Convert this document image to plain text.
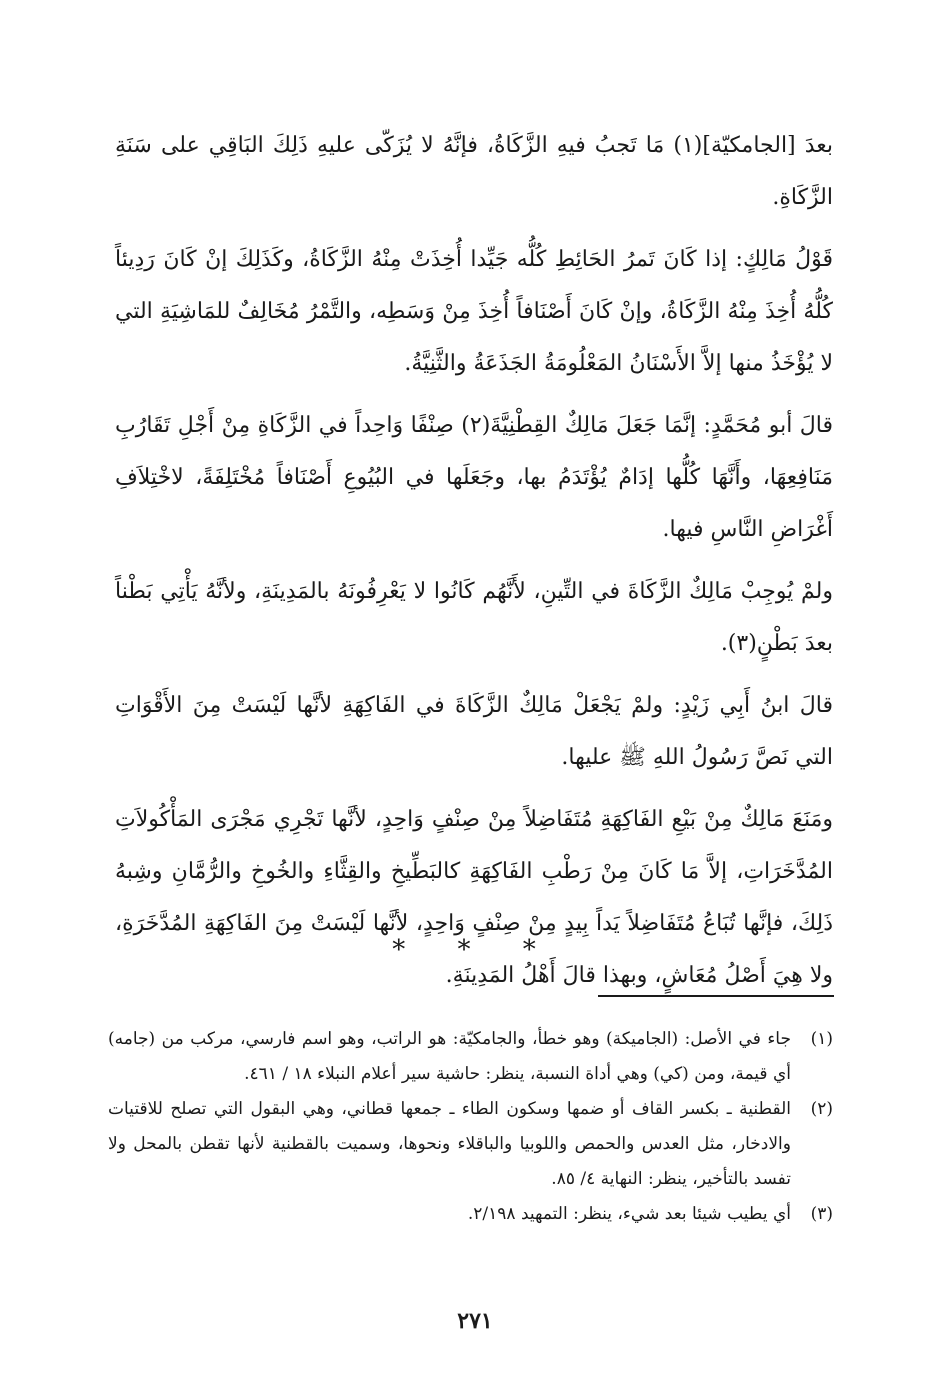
بعدَ [الجامكيّة](١) مَا تَجبُ فيهِ الزَّكَاةُ، فإنَّهُ لا يُزَكّى عليهِ ذَلِكَ البَاقِي على سَنَةِ الزَّكَاةِ.

قَوْلُ مَالِكٍ: إذا كَانَ تَمرُ الحَائِطِ كُلُّه جَيِّدا أُخِذَتْ مِنْهُ الزَّكَاةُ، وكَذَلِكَ إنْ كَانَ رَدِيئاً كُلُّهُ أُخِذَ مِنْهُ الزَّكَاةُ، وإنْ كَانَ أَصْنَافاً أُخِذَ مِنْ وَسَطِه، والتَّمْرُ مُخَالِفٌ للمَاشِيَةِ التي لا يُؤْخَذُ منها إلاَّ الأَسْنَانُ المَعْلُومَةُ الجَذَعَةُ والثَّنِيَّةُ.

قالَ أبو مُحَمَّدٍ: إنَّمَا جَعَلَ مَالِكٌ القِطْنِيَّةَ(٢) صِنْفًا وَاحِداً في الزَّكَاةِ مِنْ أَجْلِ تَقَارُبِ مَنَافِعِهَا، وأَنَّهَا كُلُّها إدَامٌ يُؤْتَدَمُ بها، وجَعَلَها في البُيُوعِ أَصْنَافاً مُخْتَلِفَةً، لاخْتِلاَفِ أَغْرَاضِ النَّاسِ فيها.

ولمْ يُوجِبْ مَالِكٌ الزَّكَاةَ في التِّينِ، لأَنَّهُم كَانُوا لا يَعْرِفُونَهُ بالمَدِينَةِ، ولأنَّهُ يَأْتِي بَطْناً بعدَ بَطْنٍ(٣).

قالَ ابنُ أَبِي زَيْدٍ: ولمْ يَجْعَلْ مَالِكٌ الزَّكَاةَ في الفَاكِهَةِ لأنَّها لَيْسَتْ مِنَ الأَقْوَاتِ التي نَصَّ رَسُولُ اللهِ ﷺ عليها.

ومَنَعَ مَالِكٌ مِنْ بَيْعِ الفَاكِهَةِ مُتَفَاضِلاً مِنْ صِنْفٍ وَاحِدٍ، لأنَّها تَجْرِي مَجْرَى المَأْكُولاَتِ المُدَّخَرَاتِ، إلاَّ مَا كَانَ مِنْ رَطْبِ الفَاكِهَةِ كالبَطِّيخِ والقِثَّاءِ والخُوخِ والرُّمَّانِ وشِبهُ ذَلِكَ، فإنَّها تُبَاعُ مُتَفَاضِلاً يَداً بِيدٍ مِنْ صِنْفٍ وَاحِدٍ، لأنَّها لَيْسَتْ مِنَ الفَاكِهَةِ المُدَّخَرَةِ، ولا هِيَ أَصْلُ مُعَاشٍ، وبهذا قالَ أَهْلُ المَدِينَةِ.

* * *
(١)
جاء في الأصل: (الجاميكة) وهو خطأ، والجامكيّة: هو الراتب، وهو اسم فارسي، مركب من (جامه) أي قيمة، ومن (كي) وهي أداة النسبة، ينظر: حاشية سير أعلام النبلاء ١٨ / ٤٦١.
(٢)
القطنية ـ بكسر القاف أو ضمها وسكون الطاء ـ جمعها قطاني، وهي البقول التي تصلح للاقتيات والادخار، مثل العدس والحمص واللوبيا والباقلاء ونحوها، وسميت بالقطنية لأنها تقطن بالمحل ولا تفسد بالتأخير، ينظر: النهاية ٤/ ٨٥.
(٣)
أي يطيب شيئا بعد شيء، ينظر: التمهيد ٢/١٩٨.
٢٧١
